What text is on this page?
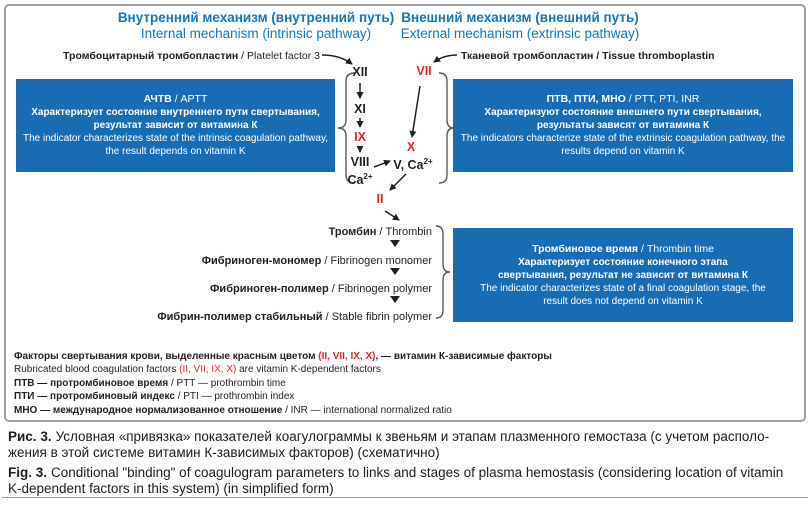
Внутренний механизм (внутренний путь)
Internal mechanism (intrinsic pathway)
Внешний механизм (внешний путь)
External mechanism (extrinsic pathway)
Тромбоцитарный тромбопластин / Platelet factor 3	Тканевой тромбопластин / Tissue thromboplastin
XII
XI
IX
VIII
$Ca^{2+}$
VII
X
V, $Ca^{2+}$
II
АЧТВ / APTT

Характеризует состояние внутреннего пути свертывания, результат зависит от витамина К

The indicator characterizes state of the intrinsic coagulation pathway, the result depends on vitamin K

ПТВ, ПТИ, МНО / PTT, PTI, INR

Характеризуют состояние внешнего пути свертывания, результаты зависят от витамина К

The indicators characterize state of the extrinsic coagulation pathway, the results depend on vitamin K

Тромбиновое время / Thrombin time

Характеризует состояние конечного этапа свертывания, результат не зависит от витамина К

The indicator characterizes state of a final coagulation stage, the result does not depend on vitamin K

Тромбин / Thrombin
Фибриноген-мономер / Fibrinogen monomer
Фибриноген-полимер / Fibrinogen polymer
Фибрин-полимер стабильный / Stable fibrin polymer
Факторы свертывания крови, выделенные красным цветом (II, VII, IX, X), — витамин К-зависимые факторы
Rubricated blood coagulation factors (II, VII, IX, X) are vitamin K-dependent factors
ПТВ — протромбиновое время / PTT — prothrombin time
ПТИ — протромбиновый индекс / PTI — prothrombin index
МНО — международное нормализованное отношение / INR — international normalized ratio

Рис. 3. Условная «привязка» показателей коагулограммы к звеньям и этапам плазменного гемостаза (с учетом располо-
жения в этой системе витамин К-зависимых факторов) (схематично)

Fig. 3. Conditional "binding" of coagulogram parameters to links and stages of plasma hemostasis (considering location of vitamin
K-dependent factors in this system) (in simplified form)
